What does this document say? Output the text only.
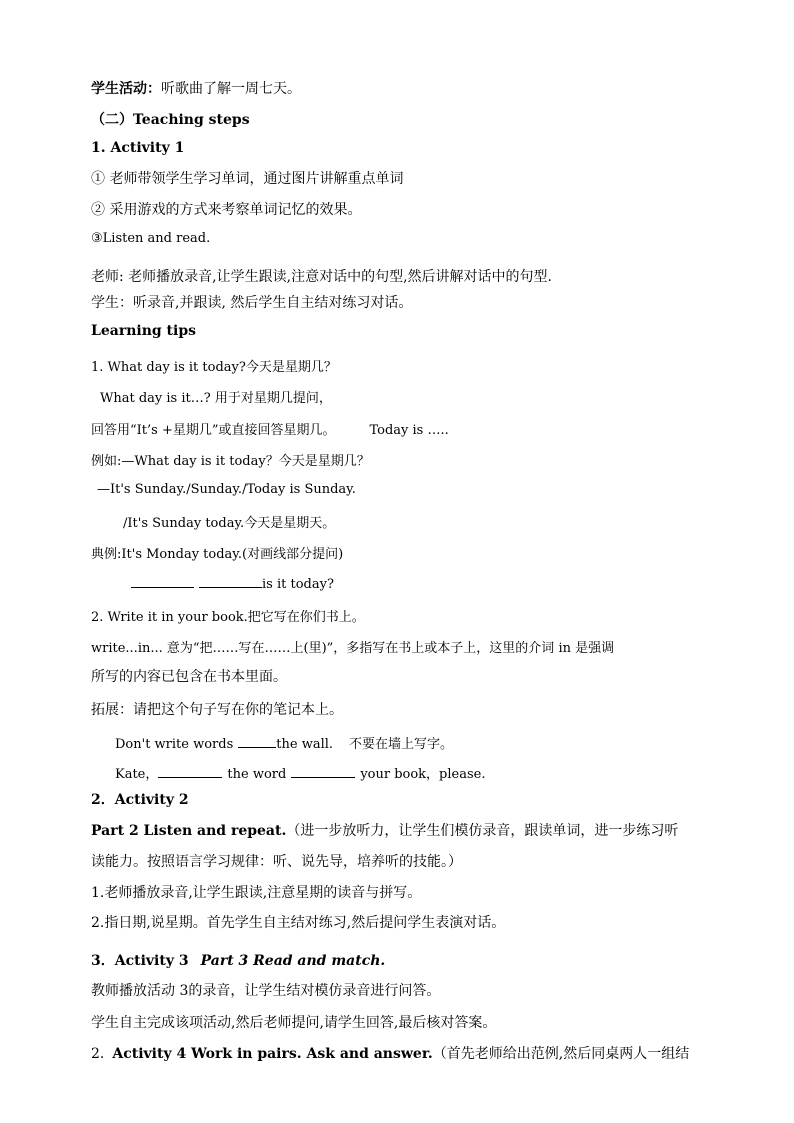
学生活动：听歌曲了解一周七天。
（二）Teaching steps
1. Activity 1
① 老师带领学生学习单词，通过图片讲解重点单词
② 采用游戏的方式来考察单词记忆的效果。
③Listen and read.
老师: 老师播放录音,让学生跟读,注意对话中的句型,然后讲解对话中的句型.
学生：听录音,并跟读, 然后学生自主结对练习对话。
Learning tips
1. What day is it today?今天是星期几？
What day is it…? 用于对星期几提问，
回答用“It’s +星期几”或直接回答星期几。	Today is …..
例如:—What day is it today？今天是星期几？
—It's Sunday./Sunday./Today is Sunday.
/It's Sunday today.今天是星期天。
典例:It's Monday today.(对画线部分提问)
is it today?
2. Write it in your book.把它写在你们书上。
write...in... 意为“把……写在……上(里)”，多指写在书上或本子上，这里的介词 in 是强调
所写的内容已包含在书本里面。
拓展：请把这个句子写在你的笔记本上。
Don't write words	the wall. 不要在墙上写字。
Kate，	the word	your book，please.
2．Activity 2
Part 2 Listen and repeat.（进一步放听力，让学生们模仿录音，跟读单词，进一步练习听
读能力。按照语言学习规律：听、说先导，培养听的技能。）
1.老师播放录音,让学生跟读,注意星期的读音与拼写。
2.指日期,说星期。首先学生自主结对练习,然后提问学生表演对话。
3．Activity 3 Part 3 Read and match.
教师播放活动 3的录音，让学生结对模仿录音进行问答。
学生自主完成该项活动,然后老师提问,请学生回答,最后核对答案。
2. Activity 4 Work in pairs. Ask and answer.（首先老师给出范例,然后同桌两人一组结
